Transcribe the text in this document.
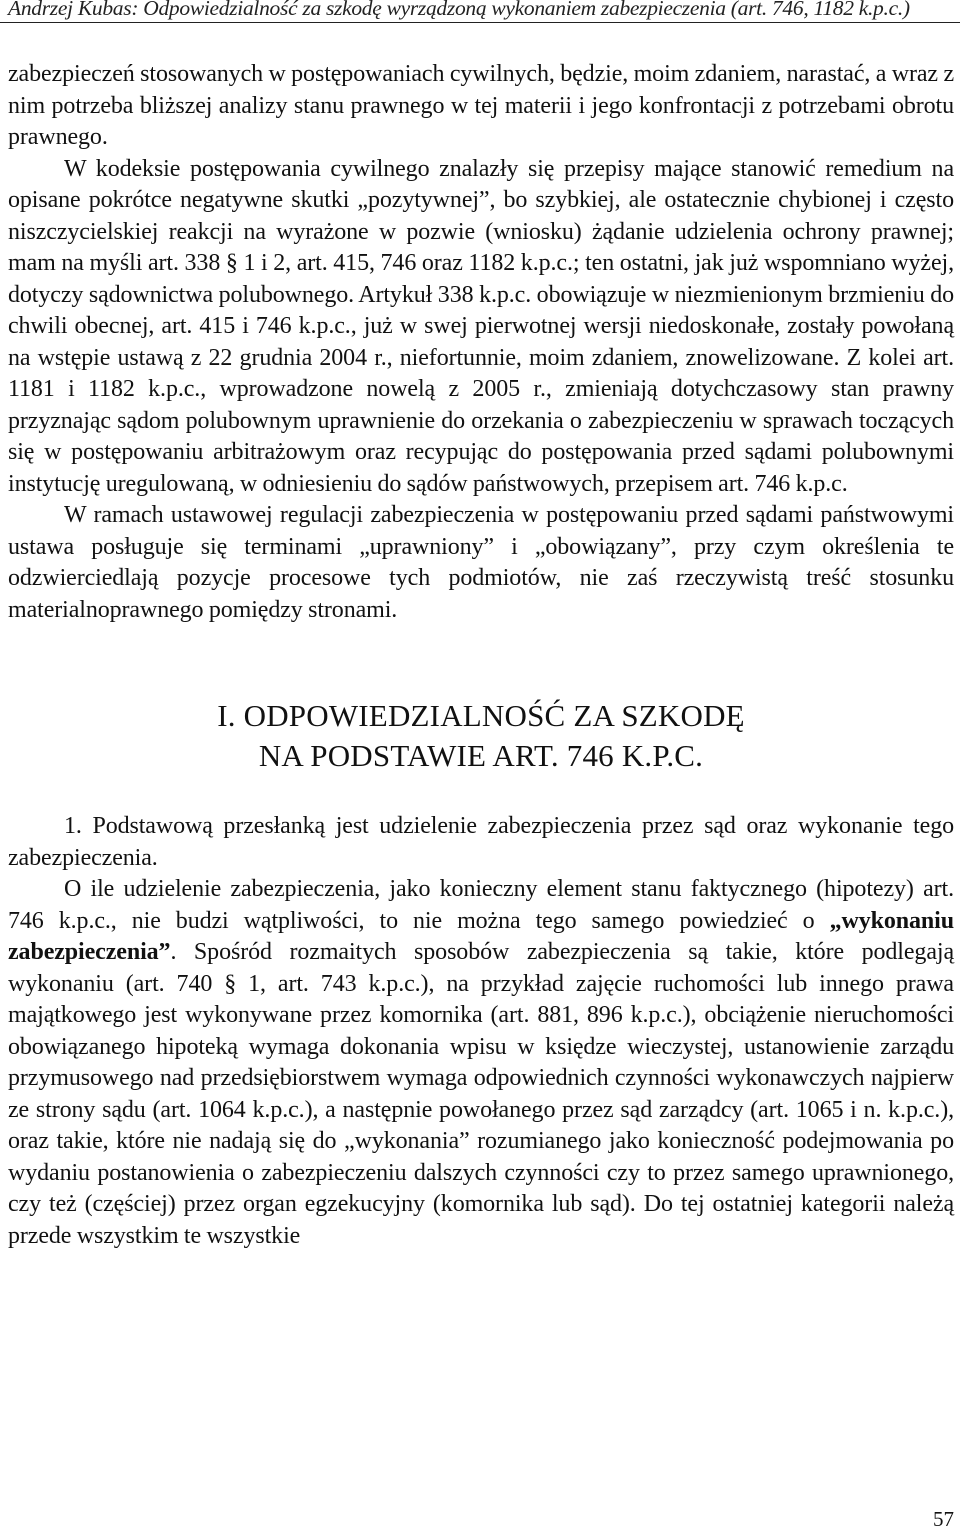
Andrzej Kubas: Odpowiedzialność za szkodę wyrządzoną wykonaniem zabezpieczenia (art. 746, 1182 k.p.c.)

zabezpieczeń stosowanych w postępowaniach cywilnych, będzie, moim zdaniem, narastać, a wraz z nim potrzeba bliższej analizy stanu prawnego w tej materii i jego konfrontacji z potrzebami obrotu prawnego.

W kodeksie postępowania cywilnego znalazły się przepisy mające stanowić remedium na opisane pokrótce negatywne skutki „pozytywnej”, bo szybkiej, ale ostatecznie chybionej i często niszczycielskiej reakcji na wyrażone w pozwie (wniosku) żądanie udzielenia ochrony prawnej; mam na myśli art. 338 § 1 i 2, art. 415, 746 oraz 1182 k.p.c.; ten ostatni, jak już wspomniano wyżej, dotyczy sądownictwa polubownego. Artykuł 338 k.p.c. obowiązuje w niezmienionym brzmieniu do chwili obecnej, art. 415 i 746 k.p.c., już w swej pierwotnej wersji niedoskonałe, zostały powołaną na wstępie ustawą z 22 grudnia 2004 r., niefortunnie, moim zdaniem, znowelizowane. Z kolei art. 1181 i 1182 k.p.c., wprowadzone nowelą z 2005 r., zmieniają dotychczasowy stan prawny przyznając sądom polubownym uprawnienie do orzekania o zabezpieczeniu w sprawach toczących się w postępowaniu arbitrażowym oraz recypując do postępowania przed sądami polubownymi instytucję uregulowaną, w odniesieniu do sądów państwowych, przepisem art. 746 k.p.c.

W ramach ustawowej regulacji zabezpieczenia w postępowaniu przed sądami państwowymi ustawa posługuje się terminami „uprawniony” i „obowiązany”, przy czym określenia te odzwierciedlają pozycje procesowe tych podmiotów, nie zaś rzeczywistą treść stosunku materialnoprawnego pomiędzy stronami.

I. ODPOWIEDZIALNOŚĆ ZA SZKODĘ
NA PODSTAWIE ART. 746 K.P.C.

1. Podstawową przesłanką jest udzielenie zabezpieczenia przez sąd oraz wykonanie tego zabezpieczenia.

O ile udzielenie zabezpieczenia, jako konieczny element stanu faktycznego (hipotezy) art. 746 k.p.c., nie budzi wątpliwości, to nie można tego samego powiedzieć o „wykonaniu zabezpieczenia”. Spośród rozmaitych sposobów zabezpieczenia są takie, które podlegają wykonaniu (art. 740 § 1, art. 743 k.p.c.), na przykład zajęcie ruchomości lub innego prawa majątkowego jest wykonywane przez komornika (art. 881, 896 k.p.c.), obciążenie nieruchomości obowiązanego hipoteką wymaga dokonania wpisu w księdze wieczystej, ustanowienie zarządu przymusowego nad przedsiębiorstwem wymaga odpowiednich czynności wykonawczych najpierw ze strony sądu (art. 1064 k.p.c.), a następnie powołanego przez sąd zarządcy (art. 1065 i n. k.p.c.), oraz takie, które nie nadają się do „wykonania” rozumianego jako konieczność podejmowania po wydaniu postanowienia o zabezpieczeniu dalszych czynności czy to przez samego uprawnionego, czy też (częściej) przez organ egzekucyjny (komornika lub sąd). Do tej ostatniej kategorii należą przede wszystkim te wszystkie

57
